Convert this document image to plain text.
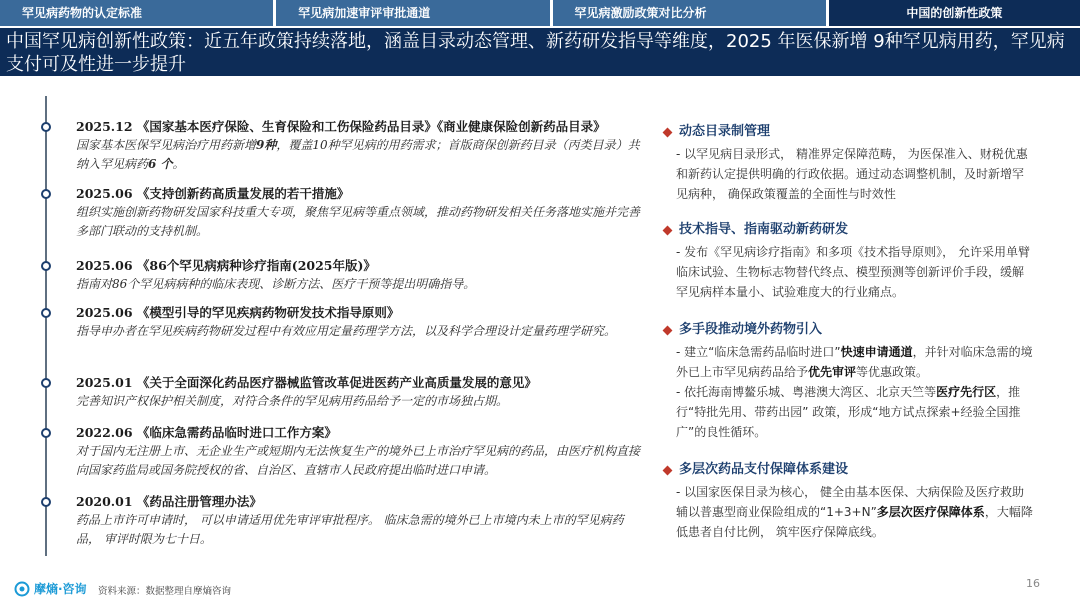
罕见病药物的认定标准	罕见病加速审评审批通道	罕见病激励政策对比分析	中国的创新性政策
中国罕见病创新性政策：近五年政策持续落地，涵盖目录动态管理、新药研发指导等维度，2025 年医保新增 9种罕见病用药，罕见病支付可及性进一步提升
2025.12 《国家基本医疗保险、生育保险和工伤保险药品目录》《商业健康保险创新药品目录》
国家基本医保罕见病治疗用药新增9种，覆盖10种罕见病的用药需求；首版商保创新药目录（丙类目录）共纳入罕见病药6 个。
2025.06 《支持创新药高质量发展的若干措施》
组织实施创新药物研发国家科技重大专项，聚焦罕见病等重点领域，推动药物研发相关任务落地实施并完善多部门联动的支持机制。
2025.06 《86个罕见病病种诊疗指南(2025年版)》
指南对86个罕见病病种的临床表现、诊断方法、医疗干预等提出明确指导。
2025.06 《模型引导的罕见疾病药物研发技术指导原则》
指导申办者在罕见疾病药物研发过程中有效应用定量药理学方法，以及科学合理设计定量药理学研究。
2025.01 《关于全面深化药品医疗器械监管改革促进医药产业高质量发展的意见》
完善知识产权保护相关制度，对符合条件的罕见病用药品给予一定的市场独占期。
2022.06 《临床急需药品临时进口工作方案》
对于国内无注册上市、无企业生产或短期内无法恢复生产的境外已上市治疗罕见病的药品，由医疗机构直接向国家药监局或国务院授权的省、自治区、直辖市人民政府提出临时进口申请。
2020.01 《药品注册管理办法》
药品上市许可申请时， 可以申请适用优先审评审批程序。 临床急需的境外已上市境内未上市的罕见病药品， 审评时限为七十日。
动态目录制管理
- 以罕见病目录形式， 精准界定保障范畴， 为医保准入、财税优惠和新药认定提供明确的行政依据。通过动态调整机制，及时新增罕见病种， 确保政策覆盖的全面性与时效性
技术指导、指南驱动新药研发
- 发布《罕见病诊疗指南》和多项《技术指导原则》， 允许采用单臂临床试验、生物标志物替代终点、模型预测等创新评价手段，缓解罕见病样本量小、试验难度大的行业痛点。
多手段推动境外药物引入
- 建立“临床急需药品临时进口”快速申请通道，并针对临床急需的境外已上市罕见病药品给予优先审评等优惠政策。
- 依托海南博鳌乐城、粤港澳大湾区、北京天竺等医疗先行区，推行“特批先用、带药出园” 政策，形成“地方试点探索+经验全国推广”的良性循环。
多层次药品支付保障体系建设
- 以国家医保目录为核心， 健全由基本医保、大病保险及医疗救助辅以普惠型商业保险组成的“1+3+N”多层次医疗保障体系，大幅降低患者自付比例， 筑牢医疗保障底线。
摩熵·咨询 资料来源：数据整理自摩熵咨询
16
